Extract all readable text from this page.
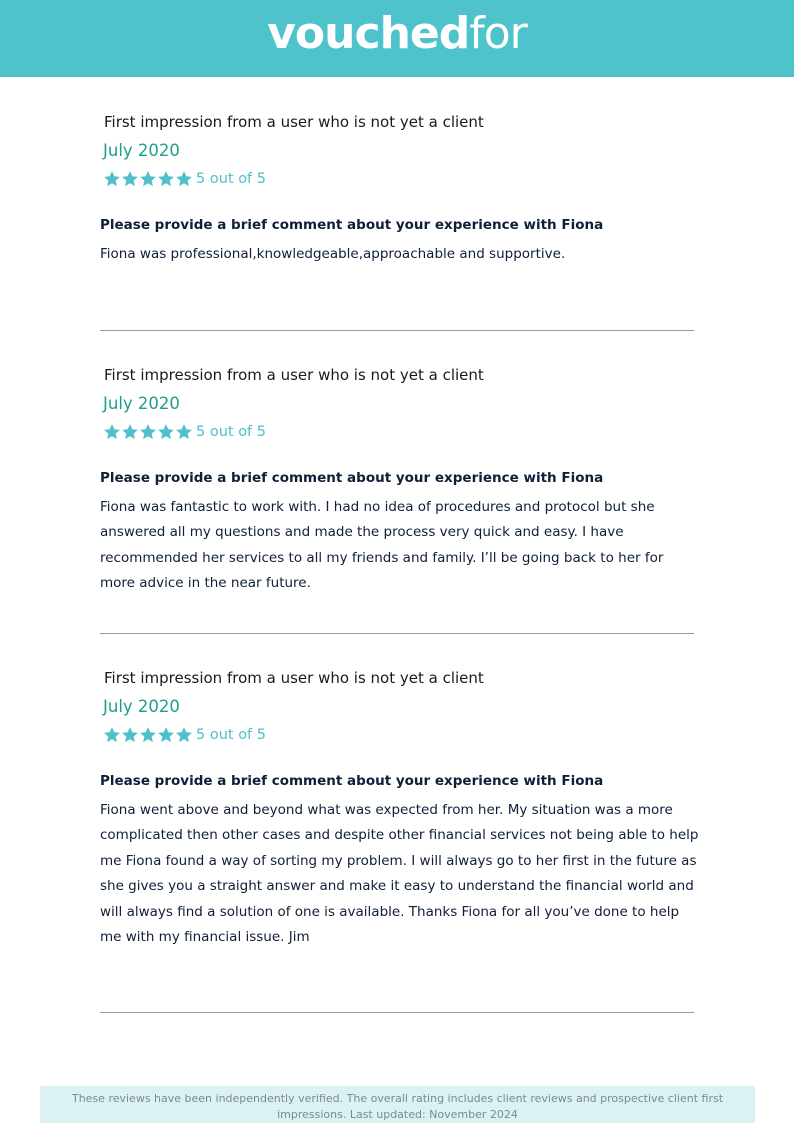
vouchedfor
First impression from a user who is not yet a client
July 2020
5 out of 5
Please provide a brief comment about your experience with Fiona
Fiona was professional,knowledgeable,approachable and supportive.
First impression from a user who is not yet a client
July 2020
5 out of 5
Please provide a brief comment about your experience with Fiona
Fiona was fantastic to work with. I had no idea of procedures and protocol but she answered all my questions and made the process very quick and easy. I have recommended her services to all my friends and family. I’ll be going back to her for more advice in the near future.
First impression from a user who is not yet a client
July 2020
5 out of 5
Please provide a brief comment about your experience with Fiona
Fiona went above and beyond what was expected from her. My situation was a more complicated then other cases and despite other financial services not being able to help me Fiona found a way of sorting my problem. I will always go to her first in the future as she gives you a straight answer and make it easy to understand the financial world and will always find a solution of one is available. Thanks Fiona for all you’ve done to help me with my financial issue. Jim
These reviews have been independently verified. The overall rating includes client reviews and prospective client first impressions. Last updated: November 2024
